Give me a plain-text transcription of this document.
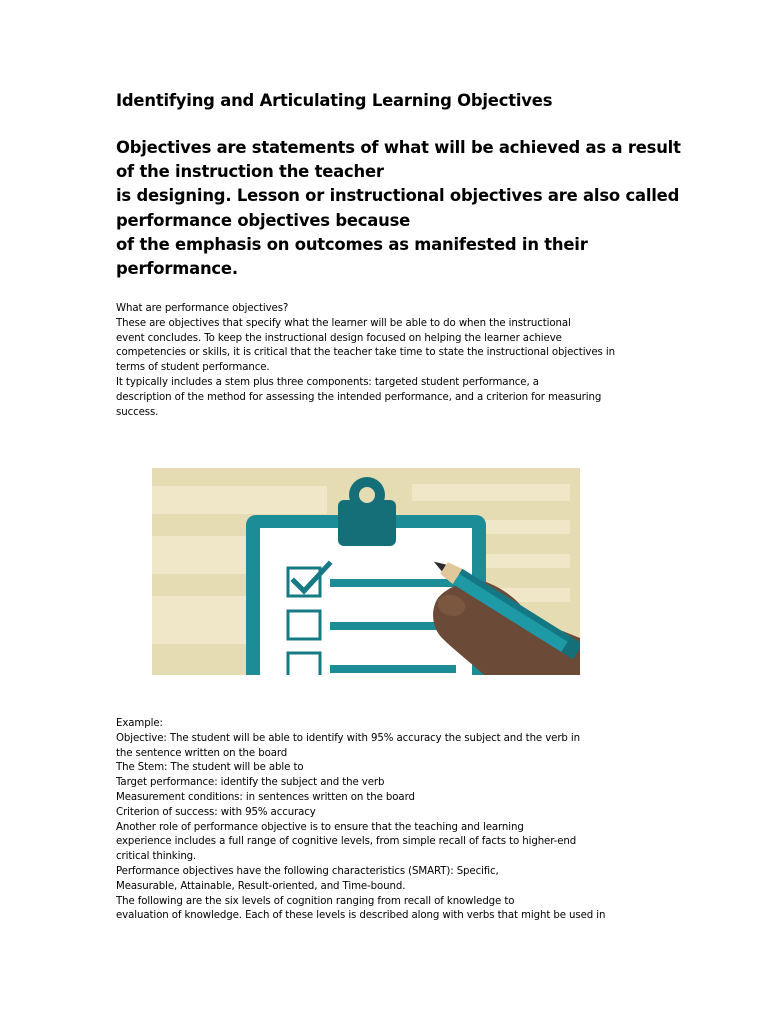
Identifying and Articulating Learning Objectives

Objectives are statements of what will be achieved as a result
of the instruction the teacher
is designing. Lesson or instructional objectives are also called
performance objectives because
of the emphasis on outcomes as manifested in their
performance.

What are performance objectives?
These are objectives that specify what the learner will be able to do when the instructional
event concludes. To keep the instructional design focused on helping the learner achieve
competencies or skills, it is critical that the teacher take time to state the instructional objectives in
terms of student performance.
It typically includes a stem plus three components: targeted student performance, a
description of the method for assessing the intended performance, and a criterion for measuring
success.
Example:
Objective: The student will be able to identify with 95% accuracy the subject and the verb in
the sentence written on the board
The Stem: The student will be able to
Target performance: identify the subject and the verb
Measurement conditions: in sentences written on the board
Criterion of success: with 95% accuracy
Another role of performance objective is to ensure that the teaching and learning
experience includes a full range of cognitive levels, from simple recall of facts to higher-end
critical thinking.
Performance objectives have the following characteristics (SMART): Specific,
Measurable, Attainable, Result-oriented, and Time-bound.
The following are the six levels of cognition ranging from recall of knowledge to
evaluation of knowledge. Each of these levels is described along with verbs that might be used in
